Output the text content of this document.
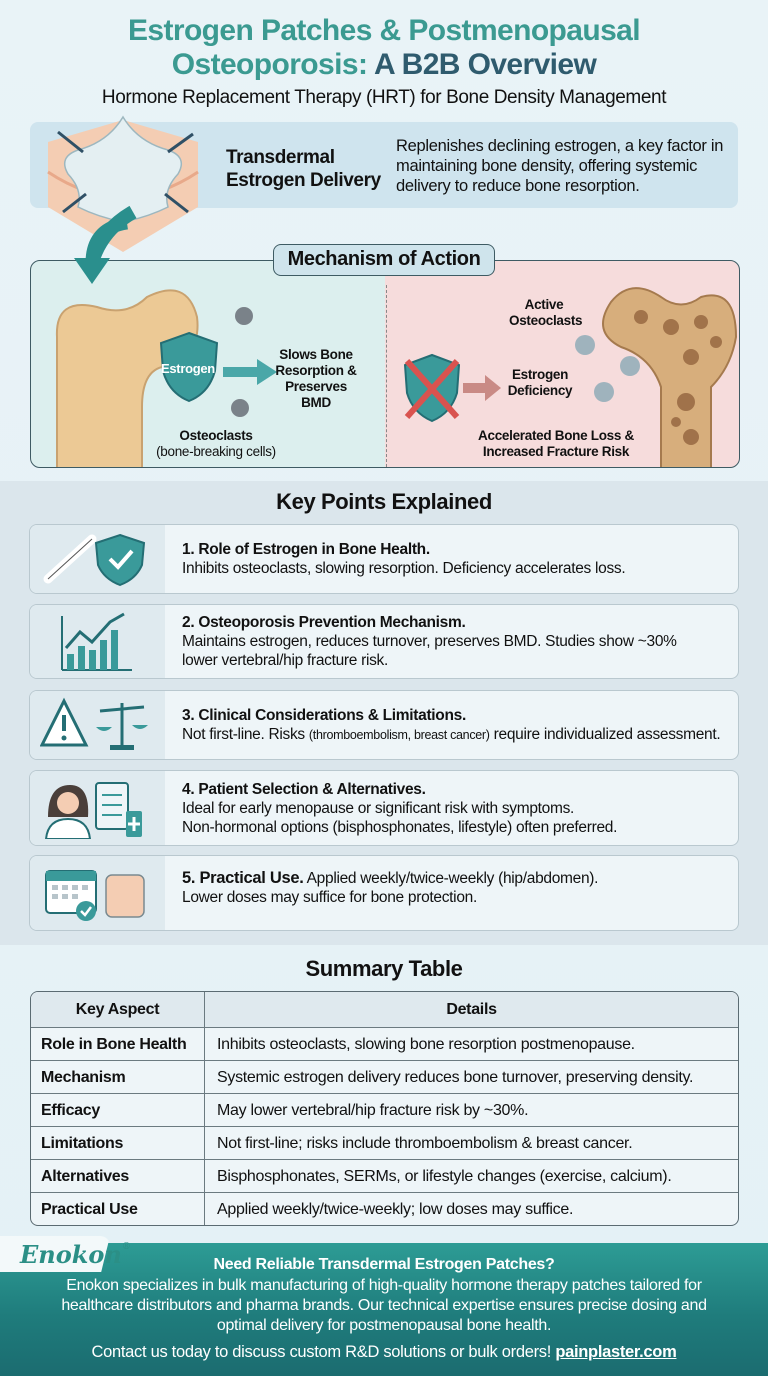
Estrogen Patches & Postmenopausal
Osteoporosis: A B2B Overview
Hormone Replacement Therapy (HRT) for Bone Density Management
Transdermal
Estrogen Delivery
Replenishes declining estrogen, a key factor in maintaining bone density, offering systemic delivery to reduce bone resorption.
Estrogen
Slows Bone
Resorption &
Preserves BMD
Osteoclasts
(bone-breaking cells)
Estrogen
Deficiency
Active
Osteoclasts
Accelerated Bone Loss &
Increased Fracture Risk
Mechanism of Action
Key Points Explained
1. Role of Estrogen in Bone Health.
Inhibits osteoclasts, slowing resorption. Deficiency accelerates loss.
2. Osteoporosis Prevention Mechanism.
Maintains estrogen, reduces turnover, preserves BMD. Studies show ~30%
lower vertebral/hip fracture risk.
3. Clinical Considerations & Limitations.
Not first-line. Risks (thromboembolism, breast cancer) require individualized assessment.
4. Patient Selection & Alternatives.
Ideal for early menopause or significant risk with symptoms.
Non-hormonal options (bisphosphonates, lifestyle) often preferred.
5. Practical Use. Applied weekly/twice-weekly (hip/abdomen).
Lower doses may suffice for bone protection.
Summary Table
Key Aspect	Details
Role in Bone Health	Inhibits osteoclasts, slowing bone resorption postmenopause.
Mechanism	Systemic estrogen delivery reduces bone turnover, preserving density.
Efficacy	May lower vertebral/hip fracture risk by ~30%.
Limitations	Not first-line; risks include thromboembolism & breast cancer.
Alternatives	Bisphosphonates, SERMs, or lifestyle changes (exercise, calcium).
Practical Use	Applied weekly/twice-weekly; low doses may suffice.
Need Reliable Transdermal Estrogen Patches?
Enokon specializes in bulk manufacturing of high-quality hormone therapy patches tailored for healthcare distributors and pharma brands. Our technical expertise ensures precise dosing and optimal delivery for postmenopausal bone health.
Contact us today to discuss custom R&D solutions or bulk orders! painplaster.com
Enokon®
